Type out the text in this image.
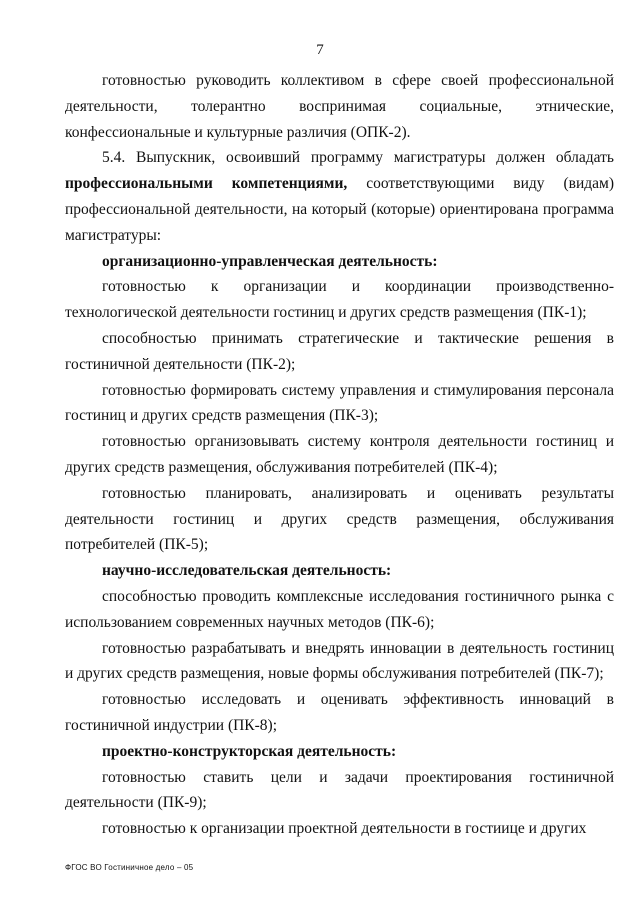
7

готовностью руководить коллективом в сфере своей профессиональной деятельности, толерантно воспринимая социальные, этнические, конфессиональные и культурные различия (ОПК-2).

5.4. Выпускник, освоивший программу магистратуры должен обладать профессиональными компетенциями, соответствующими виду (видам) профессиональной деятельности, на который (которые) ориентирована программа магистратуры:

организационно-управленческая деятельность:

готовностью к организации и координации производственно-технологической деятельности гостиниц и других средств размещения (ПК-1);

способностью принимать стратегические и тактические решения в гостиничной деятельности (ПК-2);

готовностью формировать систему управления и стимулирования персонала гостиниц и других средств размещения (ПК-3);

готовностью организовывать систему контроля деятельности гостиниц и других средств размещения, обслуживания потребителей (ПК-4);

готовностью планировать, анализировать и оценивать результаты деятельности гостиниц и других средств размещения, обслуживания потребителей (ПК-5);

научно-исследовательская деятельность:

способностью проводить комплексные исследования гостиничного рынка с использованием современных научных методов (ПК-6);

готовностью разрабатывать и внедрять инновации в деятельность гостиниц и других средств размещения, новые формы обслуживания потребителей (ПК-7);

готовностью исследовать и оценивать эффективность инноваций в гостиничной индустрии (ПК-8);

проектно-конструкторская деятельность:

готовностью ставить цели и задачи проектирования гостиничной деятельности (ПК-9);

готовностью к организации проектной деятельности в гостиице и других

ФГОС ВО Гостиничное дело – 05
